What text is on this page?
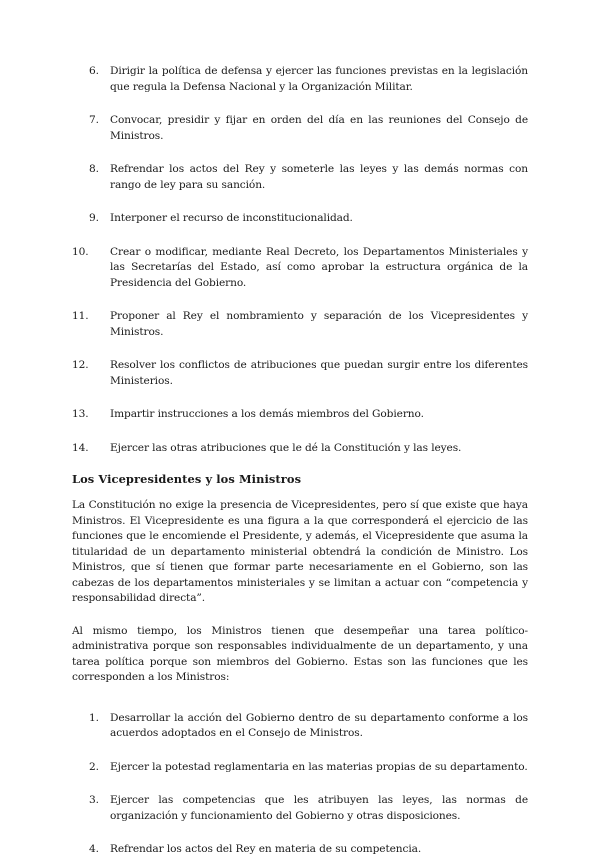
6. Dirigir la política de defensa y ejercer las funciones previstas en la legislación que regula la Defensa Nacional y la Organización Militar.
7. Convocar, presidir y fijar en orden del día en las reuniones del Consejo de Ministros.
8. Refrendar los actos del Rey y someterle las leyes y las demás normas con rango de ley para su sanción.
9. Interponer el recurso de inconstitucionalidad.
10. Crear o modificar, mediante Real Decreto, los Departamentos Ministeriales y las Secretarías del Estado, así como aprobar la estructura orgánica de la Presidencia del Gobierno.
11. Proponer al Rey el nombramiento y separación de los Vicepresidentes y Ministros.
12. Resolver los conflictos de atribuciones que puedan surgir entre los diferentes Ministerios.
13. Impartir instrucciones a los demás miembros del Gobierno.
14. Ejercer las otras atribuciones que le dé la Constitución y las leyes.
Los Vicepresidentes y los Ministros

La Constitución no exige la presencia de Vicepresidentes, pero sí que existe que haya Ministros. El Vicepresidente es una figura a la que corresponderá el ejercicio de las funciones que le encomiende el Presidente, y además, el Vicepresidente que asuma la titularidad de un departamento ministerial obtendrá la condición de Ministro. Los Ministros, que sí tienen que formar parte necesariamente en el Gobierno, son las cabezas de los departamentos ministeriales y se limitan a actuar con “competencia y responsabilidad directa”.

Al mismo tiempo, los Ministros tienen que desempeñar una tarea político-administrativa porque son responsables individualmente de un departamento, y una tarea política porque son miembros del Gobierno. Estas son las funciones que les corresponden a los Ministros:

1. Desarrollar la acción del Gobierno dentro de su departamento conforme a los acuerdos adoptados en el Consejo de Ministros.
2. Ejercer la potestad reglamentaria en las materias propias de su departamento.
3. Ejercer las competencias que les atribuyen las leyes, las normas de organización y funcionamiento del Gobierno y otras disposiciones.
4. Refrendar los actos del Rey en materia de su competencia.
